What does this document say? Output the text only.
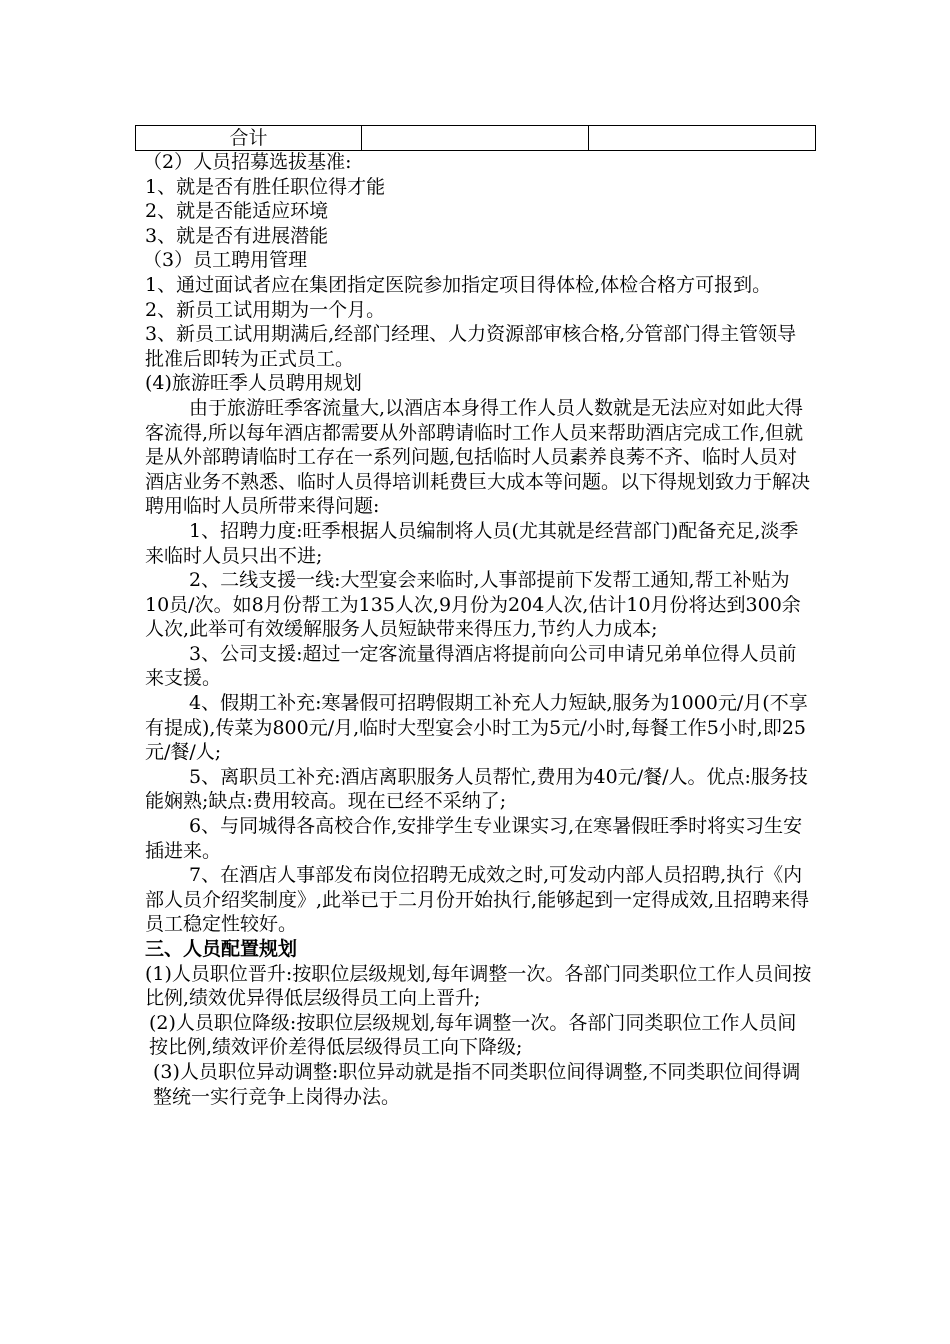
合计		

（2）人员招募选拔基准:

1、就是否有胜任职位得才能

2、就是否能适应环境

3、就是否有进展潜能

（3）员工聘用管理

1、通过面试者应在集团指定医院参加指定项目得体检,体检合格方可报到。

2、新员工试用期为一个月。

3、新员工试用期满后,经部门经理、人力资源部审核合格,分管部门得主管领导批准后即转为正式员工。

(4)旅游旺季人员聘用规划

由于旅游旺季客流量大,以酒店本身得工作人员人数就是无法应对如此大得客流得,所以每年酒店都需要从外部聘请临时工作人员来帮助酒店完成工作,但就是从外部聘请临时工存在一系列问题,包括临时人员素养良莠不齐、临时人员对酒店业务不熟悉、临时人员得培训耗费巨大成本等问题。以下得规划致力于解决聘用临时人员所带来得问题:

1、招聘力度:旺季根据人员编制将人员(尤其就是经营部门)配备充足,淡季来临时人员只出不进;

2、二线支援一线:大型宴会来临时,人事部提前下发帮工通知,帮工补贴为10员/次。如8月份帮工为135人次,9月份为204人次,估计10月份将达到300余人次,此举可有效缓解服务人员短缺带来得压力,节约人力成本;

3、公司支援:超过一定客流量得酒店将提前向公司申请兄弟单位得人员前来支援。

4、假期工补充:寒暑假可招聘假期工补充人力短缺,服务为1000元/月(不享有提成),传菜为800元/月,临时大型宴会小时工为5元/小时,每餐工作5小时,即25元/餐/人;

5、离职员工补充:酒店离职服务人员帮忙,费用为40元/餐/人。优点:服务技能娴熟;缺点:费用较高。现在已经不采纳了;

6、与同城得各高校合作,安排学生专业课实习,在寒暑假旺季时将实习生安插进来。

7、在酒店人事部发布岗位招聘无成效之时,可发动内部人员招聘,执行《内部人员介绍奖制度》,此举已于二月份开始执行,能够起到一定得成效,且招聘来得员工稳定性较好。

三、人员配置规划

(1)人员职位晋升:按职位层级规划,每年调整一次。各部门同类职位工作人员间按比例,绩效优异得低层级得员工向上晋升;

(2)人员职位降级:按职位层级规划,每年调整一次。各部门同类职位工作人员间按比例,绩效评价差得低层级得员工向下降级;

(3)人员职位异动调整:职位异动就是指不同类职位间得调整,不同类职位间得调整统一实行竞争上岗得办法。
